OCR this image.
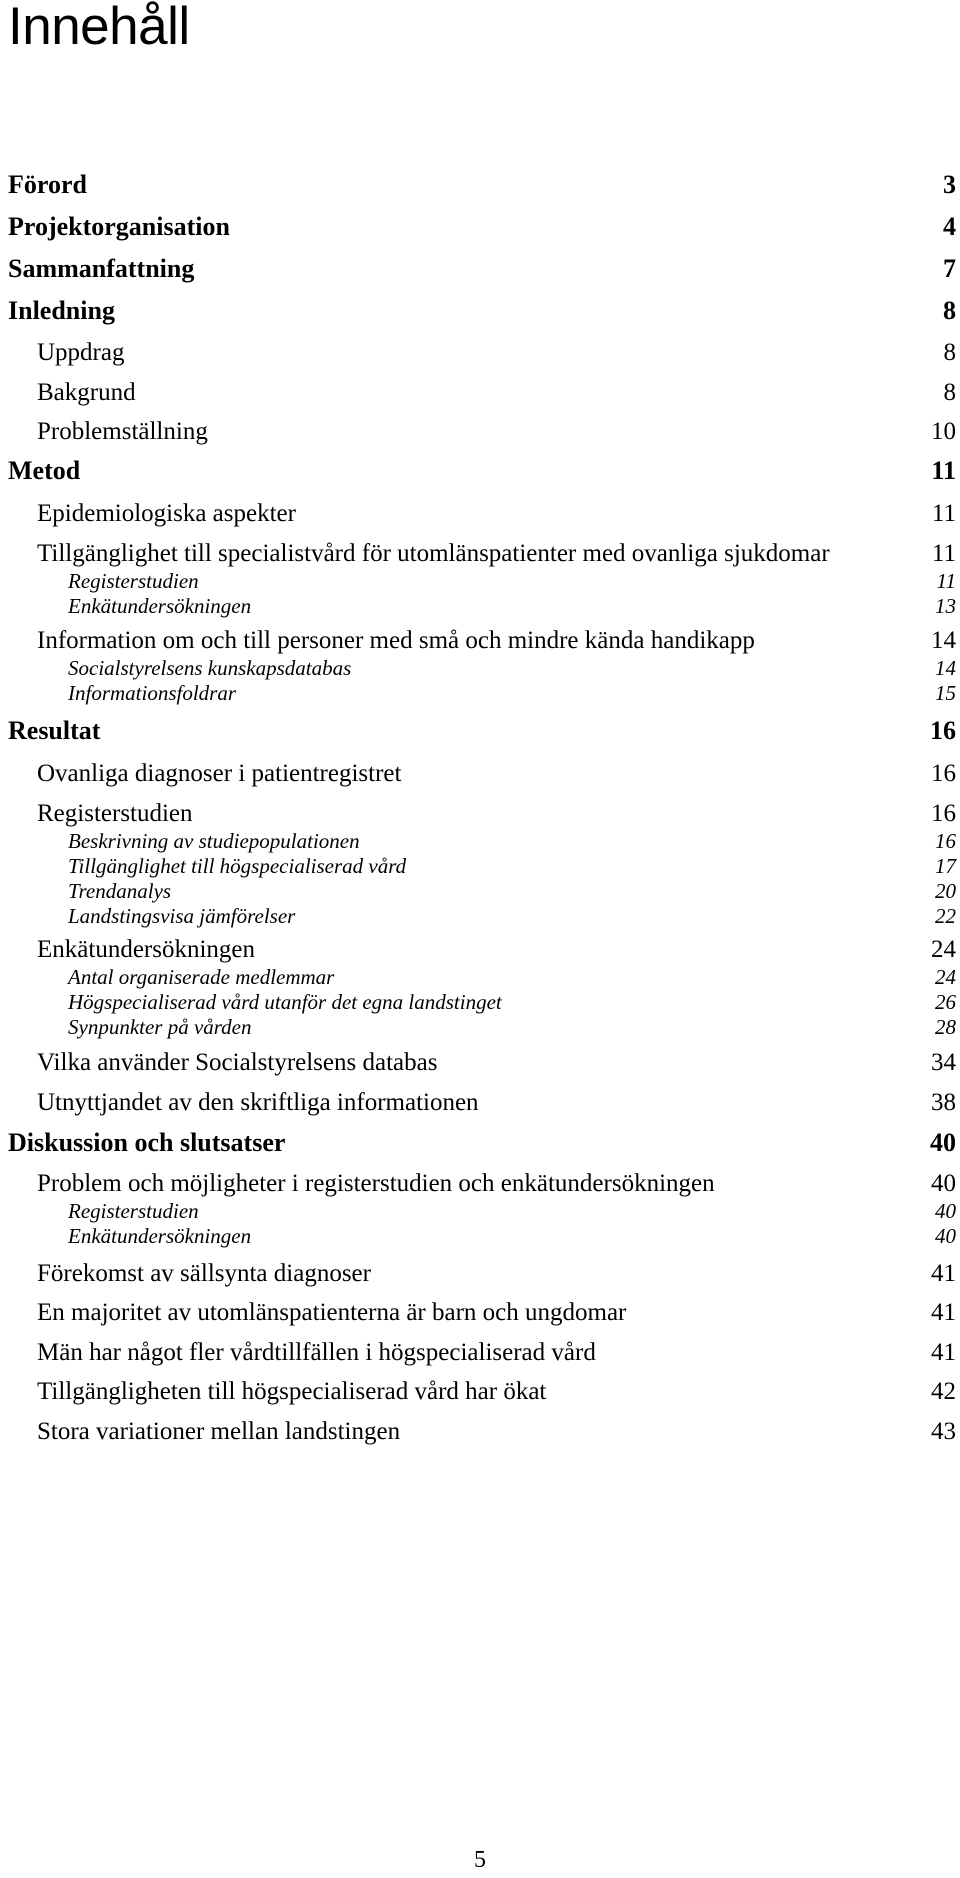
Innehåll
Förord	3
Projektorganisation	4
Sammanfattning	7
Inledning	8
Uppdrag	8
Bakgrund	8
Problemställning	10
Metod	11
Epidemiologiska aspekter	11
Tillgänglighet till specialistvård för utomlänspatienter med ovanliga sjukdomar	11
Registerstudien	11
Enkätundersökningen	13
Information om och till personer med små och mindre kända handikapp	14
Socialstyrelsens kunskapsdatabas	14
Informationsfoldrar	15
Resultat	16
Ovanliga diagnoser i patientregistret	16
Registerstudien	16
Beskrivning av studiepopulationen	16
Tillgänglighet till högspecialiserad vård	17
Trendanalys	20
Landstingsvisa jämförelser	22
Enkätundersökningen	24
Antal organiserade medlemmar	24
Högspecialiserad vård utanför det egna landstinget	26
Synpunkter på vården	28
Vilka använder Socialstyrelsens databas	34
Utnyttjandet av den skriftliga informationen	38
Diskussion och slutsatser	40
Problem och möjligheter i registerstudien och enkätundersökningen	40
Registerstudien	40
Enkätundersökningen	40
Förekomst av sällsynta diagnoser	41
En majoritet av utomlänspatienterna är barn och ungdomar	41
Män har något fler vårdtillfällen i högspecialiserad vård	41
Tillgängligheten till högspecialiserad vård har ökat	42
Stora variationer mellan landstingen	43
5
